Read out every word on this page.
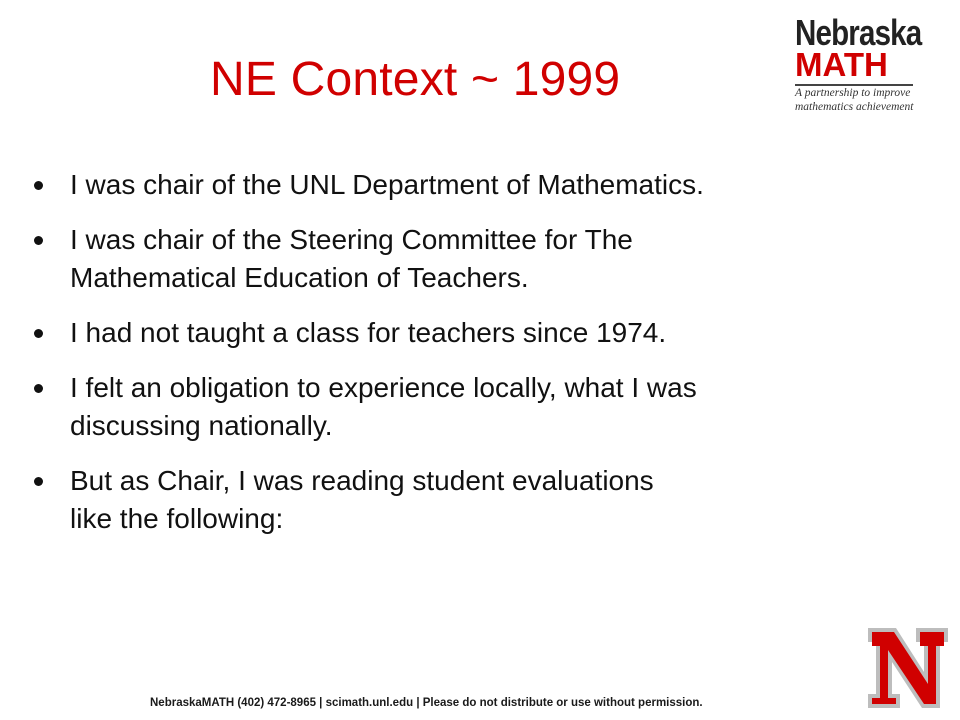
NE Context ~ 1999
Nebraska
MATH
A partnership to improve
mathematics achievement
I was chair of the UNL Department of Mathematics.
I was chair of the Steering Committee for The
Mathematical Education of Teachers.
I had not taught a class for teachers since 1974.
I felt an obligation to experience locally, what I was
discussing nationally.
But as Chair, I was reading student evaluations
like the following:
NebraskaMATH (402) 472-8965 | scimath.unl.edu | Please do not distribute or use without permission.
